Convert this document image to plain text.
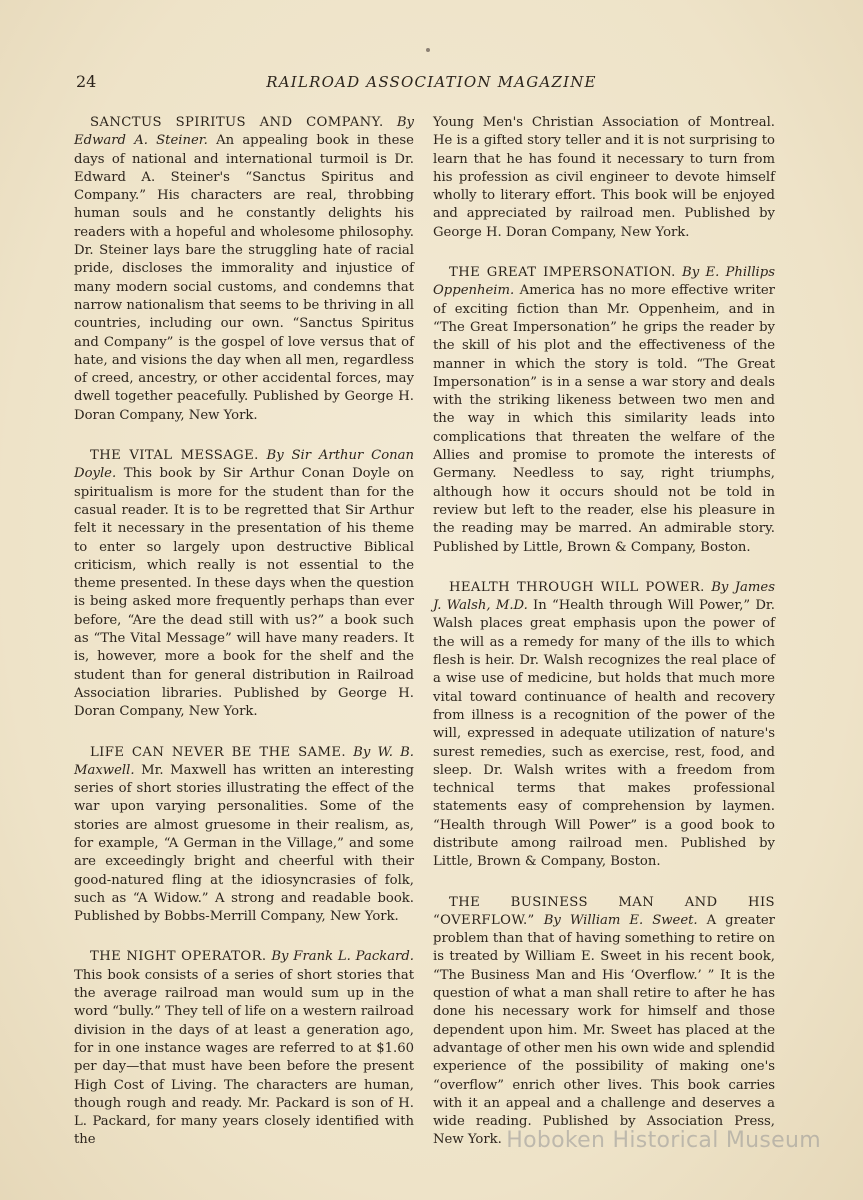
24	RAILROAD ASSOCIATION MAGAZINE

SANCTUS SPIRITUS AND COMPANY. By Edward A. Steiner. An appealing book in these days of national and international turmoil is Dr. Edward A. Steiner's “Sanctus Spiritus and Company.” His characters are real, throbbing human souls and he constantly delights his readers with a hopeful and wholesome philosophy. Dr. Steiner lays bare the struggling hate of racial pride, discloses the immorality and injustice of many modern social customs, and condemns that narrow nationalism that seems to be thriving in all countries, including our own. “Sanctus Spiritus and Company” is the gospel of love versus that of hate, and visions the day when all men, regardless of creed, ancestry, or other accidental forces, may dwell together peacefully. Published by George H. Doran Company, New York.

THE VITAL MESSAGE. By Sir Arthur Conan Doyle. This book by Sir Arthur Conan Doyle on spiritualism is more for the student than for the casual reader. It is to be regretted that Sir Arthur felt it necessary in the presentation of his theme to enter so largely upon destructive Biblical criticism, which really is not essential to the theme presented. In these days when the question is being asked more frequently perhaps than ever before, “Are the dead still with us?” a book such as “The Vital Message” will have many readers. It is, however, more a book for the shelf and the student than for general distribution in Railroad Association libraries. Published by George H. Doran Company, New York.

LIFE CAN NEVER BE THE SAME. By W. B. Maxwell. Mr. Maxwell has written an interesting series of short stories illustrating the effect of the war upon varying personalities. Some of the stories are almost gruesome in their realism, as, for example, “A German in the Village,” and some are exceedingly bright and cheerful with their good-natured fling at the idiosyncrasies of folk, such as “A Widow.” A strong and readable book. Published by Bobbs-Merrill Company, New York.

THE NIGHT OPERATOR. By Frank L. Packard. This book consists of a series of short stories that the average railroad man would sum up in the word “bully.” They tell of life on a western railroad division in the days of at least a generation ago, for in one instance wages are referred to at $1.60 per day—that must have been before the present High Cost of Living. The characters are human, though rough and ready. Mr. Packard is son of H. L. Packard, for many years closely identified with the

Young Men's Christian Association of Montreal. He is a gifted story teller and it is not surprising to learn that he has found it necessary to turn from his profession as civil engineer to devote himself wholly to literary effort. This book will be enjoyed and appreciated by railroad men. Published by George H. Doran Company, New York.

THE GREAT IMPERSONATION. By E. Phillips Oppenheim. America has no more effective writer of exciting fiction than Mr. Oppenheim, and in “The Great Impersonation” he grips the reader by the skill of his plot and the effectiveness of the manner in which the story is told. “The Great Impersonation” is in a sense a war story and deals with the striking likeness between two men and the way in which this similarity leads into complications that threaten the welfare of the Allies and promise to promote the interests of Germany. Needless to say, right triumphs, although how it occurs should not be told in review but left to the reader, else his pleasure in the reading may be marred. An admirable story. Published by Little, Brown & Company, Boston.

HEALTH THROUGH WILL POWER. By James J. Walsh, M.D. In “Health through Will Power,” Dr. Walsh places great emphasis upon the power of the will as a remedy for many of the ills to which flesh is heir. Dr. Walsh recognizes the real place of a wise use of medicine, but holds that much more vital toward continuance of health and recovery from illness is a recognition of the power of the will, expressed in adequate utilization of nature's surest remedies, such as exercise, rest, food, and sleep. Dr. Walsh writes with a freedom from technical terms that makes professional statements easy of comprehension by laymen. “Health through Will Power” is a good book to distribute among railroad men. Published by Little, Brown & Company, Boston.

THE BUSINESS MAN AND HIS “OVERFLOW.” By William E. Sweet. A greater problem than that of having something to retire on is treated by William E. Sweet in his recent book, “The Business Man and His ‘Overflow.’ ” It is the question of what a man shall retire to after he has done his necessary work for himself and those dependent upon him. Mr. Sweet has placed at the advantage of other men his own wide and splendid experience of the possibility of making one's “overflow” enrich other lives. This book carries with it an appeal and a challenge and deserves a wide reading. Published by Association Press, New York. Hoboken Historical Museum
